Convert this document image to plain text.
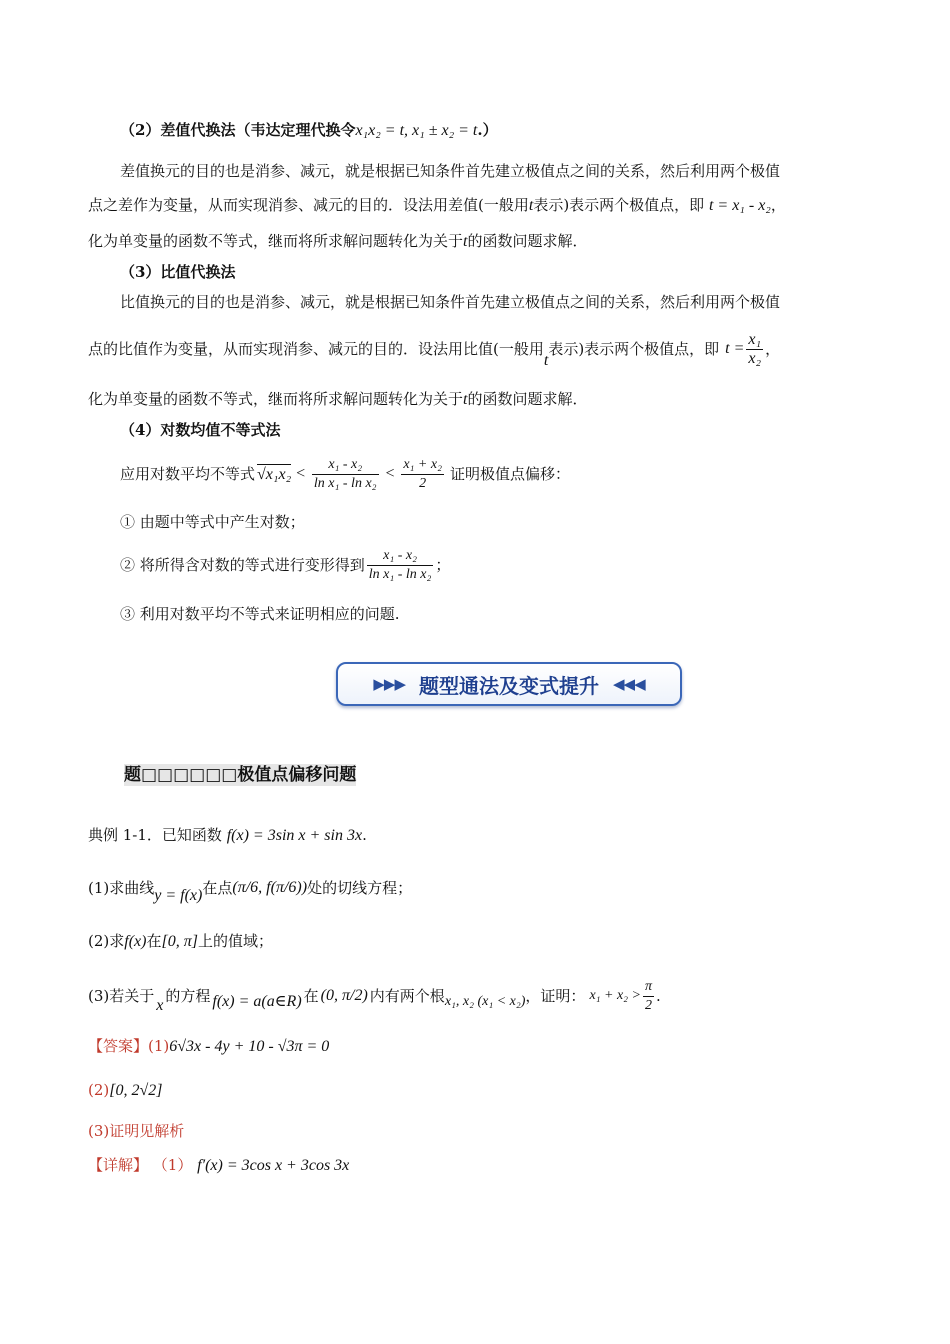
（2）差值代换法（韦达定理代换令x₁x₂ = t, x₁ ± x₂ = t.）
差值换元的目的也是消参、减元，就是根据已知条件首先建立极值点之间的关系，然后利用两个极值
点之差作为变量，从而实现消参、减元的目的．设法用差值(一般用t表示)表示两个极值点，即 t = x₁ - x₂，
化为单变量的函数不等式，继而将所求解问题转化为关于t的函数问题求解．
（3）比值代换法
比值换元的目的也是消参、减元，就是根据已知条件首先建立极值点之间的关系，然后利用两个极值
点的比值作为变量，从而实现消参、减元的目的．设法用比值(一般用
t
表示)表示两个极值点，即 $t = \frac{\text{x₁}}{\text{x₂}}$ ，
化为单变量的函数不等式，继而将所求解问题转化为关于t的函数问题求解．
（4）对数均值不等式法
应用对数平均不等式 $√x_1x_2 < \frac{\text{x₁ - x₂}}{\text{ln x₁ - ln x₂}} < \frac{\text{x₁ + x₂}}{2}$ 证明极值点偏移：
① 由题中等式中产生对数；
② 将所得含对数的等式进行变形得到 $\frac{\text{x₁ - x₂}}{\text{ln x₁ - ln x₂}}$ ；
③ 利用对数平均不等式来证明相应的问题.
▶▶▶ 题型通法及变式提升 ◀◀◀
题□□□□□□极值点偏移问题
典例 1-1．已知函数 f(x) = 3sin x + sin 3x.
(1)求曲线 y = f(x) 在点 (π/6, f(π/6)) 处的切线方程；
(2)求f(x)在[0, π]上的值域；
(3)若关于
x
的方程 f(x) = a(a∈R) 在 (0, π/2) 内有两个根 x₁, x₂ (x₁ < x₂) ，证明： $x_1 + x_2 > \frac{\pi}{2}$ .
【答案】(1)6√3x - 4y + 10 - √3π = 0
(2)[0, 2√2]
(3)证明见解析
【详解】 （1） f′(x) = 3cos x + 3cos 3x
